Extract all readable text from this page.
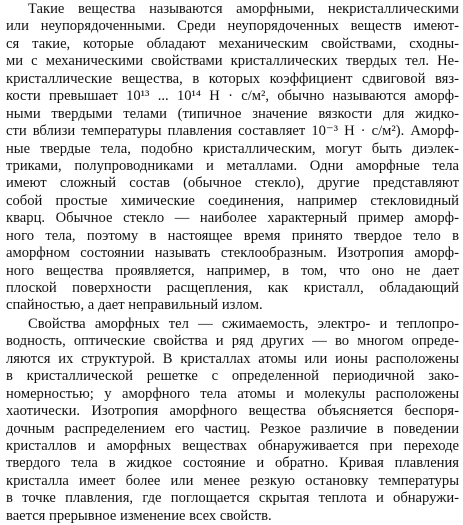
Такие вещества называются аморфными, некристаллическими
или неупорядоченными. Среди неупорядоченных веществ имеют-
ся такие, которые обладают механическим свойствами, сходны-
ми с механическими свойствами кристаллических твердых тел. Не-
кристаллические вещества, в которых коэффициент сдвиговой вяз-
кости превышает 10¹³ ... 10¹⁴ Н · с/м², обычно называются аморф-
ными твердыми телами (типичное значение вязкости для жидко-
сти вблизи температуры плавления составляет 10⁻³ Н · с/м²). Аморф-
ные твердые тела, подобно кристаллическим, могут быть диэлек-
триками, полупроводниками и металлами. Одни аморфные тела
имеют сложный состав (обычное стекло), другие представляют
собой простые химические соединения, например стекловидный
кварц. Обычное стекло — наиболее характерный пример аморф-
ного тела, поэтому в настоящее время принято твердое тело в
аморфном состоянии называть стеклообразным. Изотропия аморф-
ного вещества проявляется, например, в том, что оно не дает
плоской поверхности расщепления, как кристалл, обладающий
спайностью, а дает неправильный излом.
Свойства аморфных тел — сжимаемость, электро- и теплопро-
водность, оптические свойства и ряд других — во многом опреде-
ляются их структурой. В кристаллах атомы или ионы расположены
в кристаллической решетке с определенной периодичной зако-
номерностью; у аморфного тела атомы и молекулы расположены
хаотически. Изотропия аморфного вещества объясняется беспоря-
дочным распределением его частиц. Резкое различие в поведении
кристаллов и аморфных веществах обнаруживается при переходе
твердого тела в жидкое состояние и обратно. Кривая плавления
кристалла имеет более или менее резкую остановку температуры
в точке плавления, где поглощается скрытая теплота и обнаружи-
вается прерывное изменение всех свойств.
